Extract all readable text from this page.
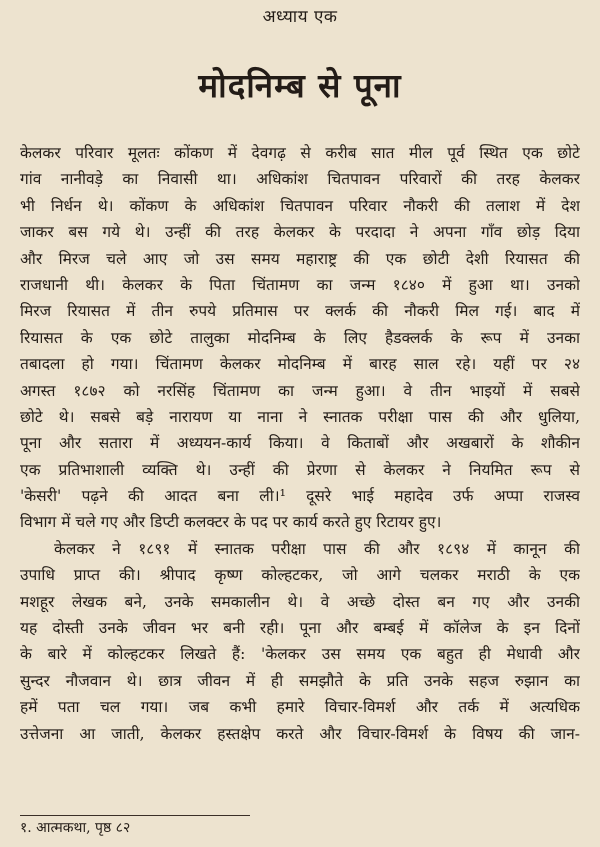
अध्याय एक
मोदनिम्ब से पूना
केलकर परिवार मूलतः कोंकण में देवगढ़ से करीब सात मील पूर्व स्थित एक छोटे
गांव नानीवड़े का निवासी था। अधिकांश चितपावन परिवारों की तरह केलकर
भी निर्धन थे। कोंकण के अधिकांश चितपावन परिवार नौकरी की तलाश में देश
जाकर बस गये थे। उन्हीं की तरह केलकर के परदादा ने अपना गाँव छोड़ दिया
और मिरज चले आए जो उस समय महाराष्ट्र की एक छोटी देशी रियासत की
राजधानी थी। केलकर के पिता चिंतामण का जन्म १८४० में हुआ था। उनको
मिरज रियासत में तीन रुपये प्रतिमास पर क्लर्क की नौकरी मिल गई। बाद में
रियासत के एक छोटे तालुका मोदनिम्ब के लिए हैडक्लर्क के रूप में उनका
तबादला हो गया। चिंतामण केलकर मोदनिम्ब में बारह साल रहे। यहीं पर २४
अगस्त १८७२ को नरसिंह चिंतामण का जन्म हुआ। वे तीन भाइयों में सबसे
छोटे थे। सबसे बड़े नारायण या नाना ने स्नातक परीक्षा पास की और धुलिया,
पूना और सतारा में अध्ययन-कार्य किया। वे किताबों और अखबारों के शौकीन
एक प्रतिभाशाली व्यक्ति थे। उन्हीं की प्रेरणा से केलकर ने नियमित रूप से
'केसरी' पढ़ने की आदत बना ली।¹ दूसरे भाई महादेव उर्फ अप्पा राजस्व
विभाग में चले गए और डिप्टी कलक्टर के पद पर कार्य करते हुए रिटायर हुए।
केलकर ने १८९१ में स्नातक परीक्षा पास की और १८९४ में कानून की
उपाधि प्राप्त की। श्रीपाद कृष्ण कोल्हटकर, जो आगे चलकर मराठी के एक
मशहूर लेखक बने, उनके समकालीन थे। वे अच्छे दोस्त बन गए और उनकी
यह दोस्ती उनके जीवन भर बनी रही। पूना और बम्बई में कॉलेज के इन दिनों
के बारे में कोल्हटकर लिखते हैं: 'केलकर उस समय एक बहुत ही मेधावी और
सुन्दर नौजवान थे। छात्र जीवन में ही समझौते के प्रति उनके सहज रुझान का
हमें पता चल गया। जब कभी हमारे विचार-विमर्श और तर्क में अत्यधिक
उत्तेजना आ जाती, केलकर हस्तक्षेप करते और विचार-विमर्श के विषय की जान-
१. आत्मकथा, पृष्ठ ८२
